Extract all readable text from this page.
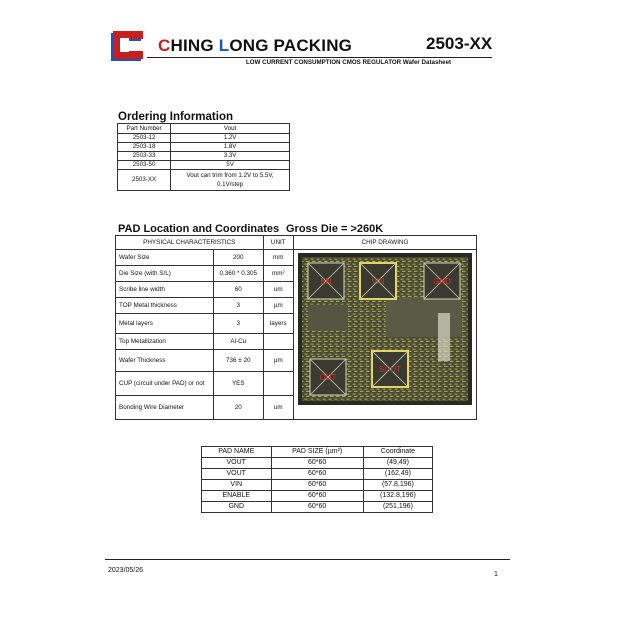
CHING LONG PACKING	2503-XX
LOW CURRENT CONSUMPTION CMOS REGULATOR Wafer Datasheet
Ordering Information
Part Number	Vout
2503-12	1.2V
2503-18	1.8V
2503-33	3.3V
2503-50	5V
2503-XX	Vout can trim from 1.2V to 5.5V,
0.1V/step
PAD Location and Coordinates Gross Die = >260K
PHYSICAL CHARACTERISTICS		UNIT	CHIP DRAWING
Wafer Size	200	mm	EN VIN GND
OUT
SOUT

Die Size (with S/L)	0.360 * 0.305	mm²	
Scribe line width	60	um	
TOP Metal thickness	3	µm	
Metal layers	3	layers	
Top Metallization	Al-Cu		
Wafer Thickness	736 ± 20	µm	
CUP (circuit under PAD) or not	YES		
Bonding Wire Diameter	20	um	
PAD NAME	PAD SIZE (µm²)	Coordinate
VOUT	60*60	(49,49)
VOUT	60*60	(162,49)
VIN	60*60	(57.8,196)
ENABLE	60*60	(132.8,196)
GND	60*60	(251,196)
2023/05/26
1
